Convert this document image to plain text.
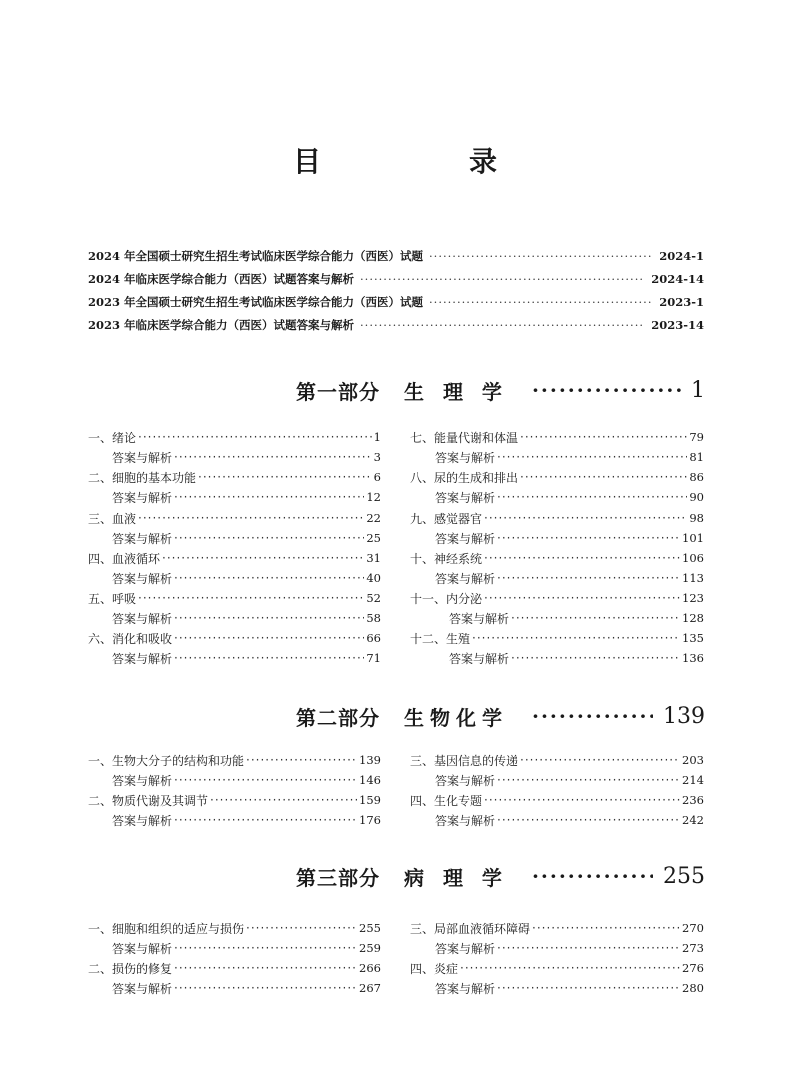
目　录
2024 年全国硕士研究生招生考试临床医学综合能力（西医）试题 ·····	2024-1
2024 年临床医学综合能力（西医）试题答案与解析 ·····	2024-14
2023 年全国硕士研究生招生考试临床医学综合能力（西医）试题 ·····	2023-1
2023 年临床医学综合能力（西医）试题答案与解析 ·····	2023-14
第一部分 生 理 学 ·····	1
一、绪论 ·····	1
答案与解析 ·····	3
二、细胞的基本功能 ·····	6
答案与解析 ·····	12
三、血液 ·····	22
答案与解析 ·····	25
四、血液循环 ·····	31
答案与解析 ·····	40
五、呼吸 ·····	52
答案与解析 ·····	58
六、消化和吸收 ·····	66
答案与解析 ·····	71
七、能量代谢和体温 ·····	79
答案与解析 ·····	81
八、尿的生成和排出 ·····	86
答案与解析 ·····	90
九、感觉器官 ·····	98
答案与解析 ·····	101
十、神经系统 ·····	106
答案与解析 ·····	113
十一、内分泌 ·····	123
答案与解析 ·····	128
十二、生殖 ·····	135
答案与解析 ·····	136
第二部分 生物化学 ·····	139
一、生物大分子的结构和功能 ·····	139
答案与解析 ·····	146
二、物质代谢及其调节 ·····	159
答案与解析 ·····	176
三、基因信息的传递 ·····	203
答案与解析 ·····	214
四、生化专题 ·····	236
答案与解析 ·····	242
第三部分 病 理 学 ·····	255
一、细胞和组织的适应与损伤 ·····	255
答案与解析 ·····	259
二、损伤的修复 ·····	266
答案与解析 ·····	267
三、局部血液循环障碍 ·····	270
答案与解析 ·····	273
四、炎症 ·····	276
答案与解析 ·····	280
